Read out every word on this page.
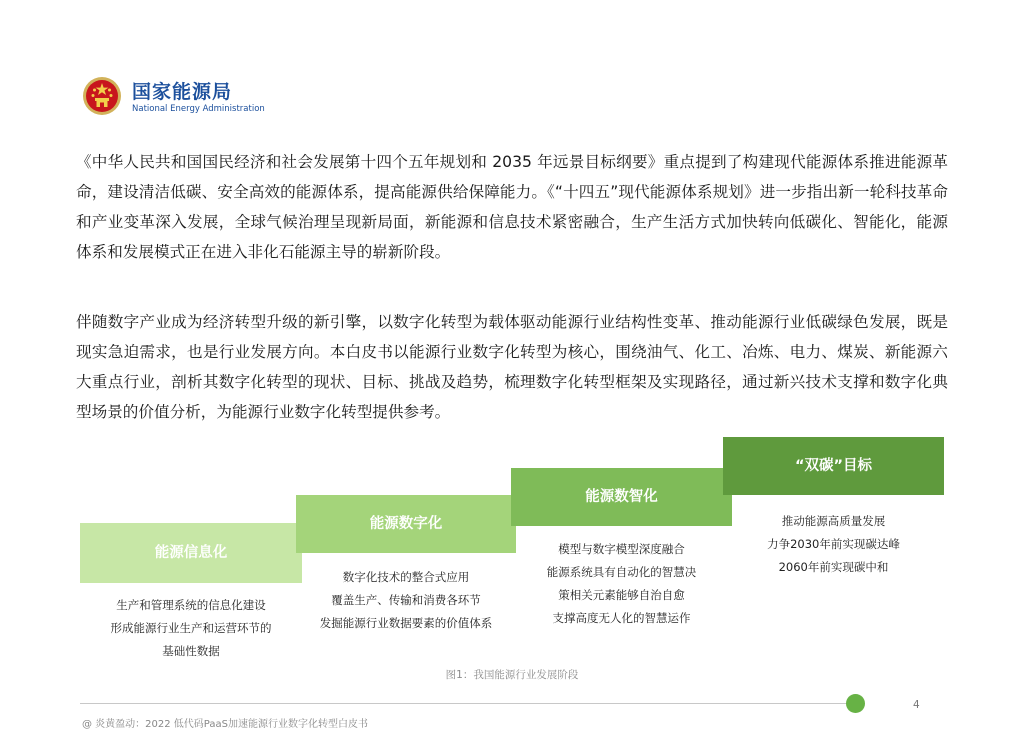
国家能源局
National Energy Administration

《中华人民共和国国民经济和社会发展第十四个五年规划和 2035 年远景目标纲要》重点提到了构建现代能源体系推进能源革命，建设清洁低碳、安全高效的能源体系，提高能源供给保障能力。《“十四五”现代能源体系规划》进一步指出新一轮科技革命和产业变革深入发展，全球气候治理呈现新局面，新能源和信息技术紧密融合，生产生活方式加快转向低碳化、智能化，能源体系和发展模式正在进入非化石能源主导的崭新阶段。

伴随数字产业成为经济转型升级的新引擎，以数字化转型为载体驱动能源行业结构性变革、推动能源行业低碳绿色发展，既是现实急迫需求，也是行业发展方向。本白皮书以能源行业数字化转型为核心，围绕油气、化工、冶炼、电力、煤炭、新能源六大重点行业，剖析其数字化转型的现状、目标、挑战及趋势，梳理数字化转型框架及实现路径，通过新兴技术支撑和数字化典型场景的价值分析，为能源行业数字化转型提供参考。

能源信息化
能源数字化
能源数智化
“双碳”目标
生产和管理系统的信息化建设
形成能源行业生产和运营环节的
基础性数据
数字化技术的整合式应用
覆盖生产、传输和消费各环节
发掘能源行业数据要素的价值体系
模型与数字模型深度融合
能源系统具有自动化的智慧决
策相关元素能够自治自愈
支撑高度无人化的智慧运作
推动能源高质量发展
力争2030年前实现碳达峰
2060年前实现碳中和
图1：我国能源行业发展阶段
4
@ 炎黄盈动：2022 低代码PaaS加速能源行业数字化转型白皮书
